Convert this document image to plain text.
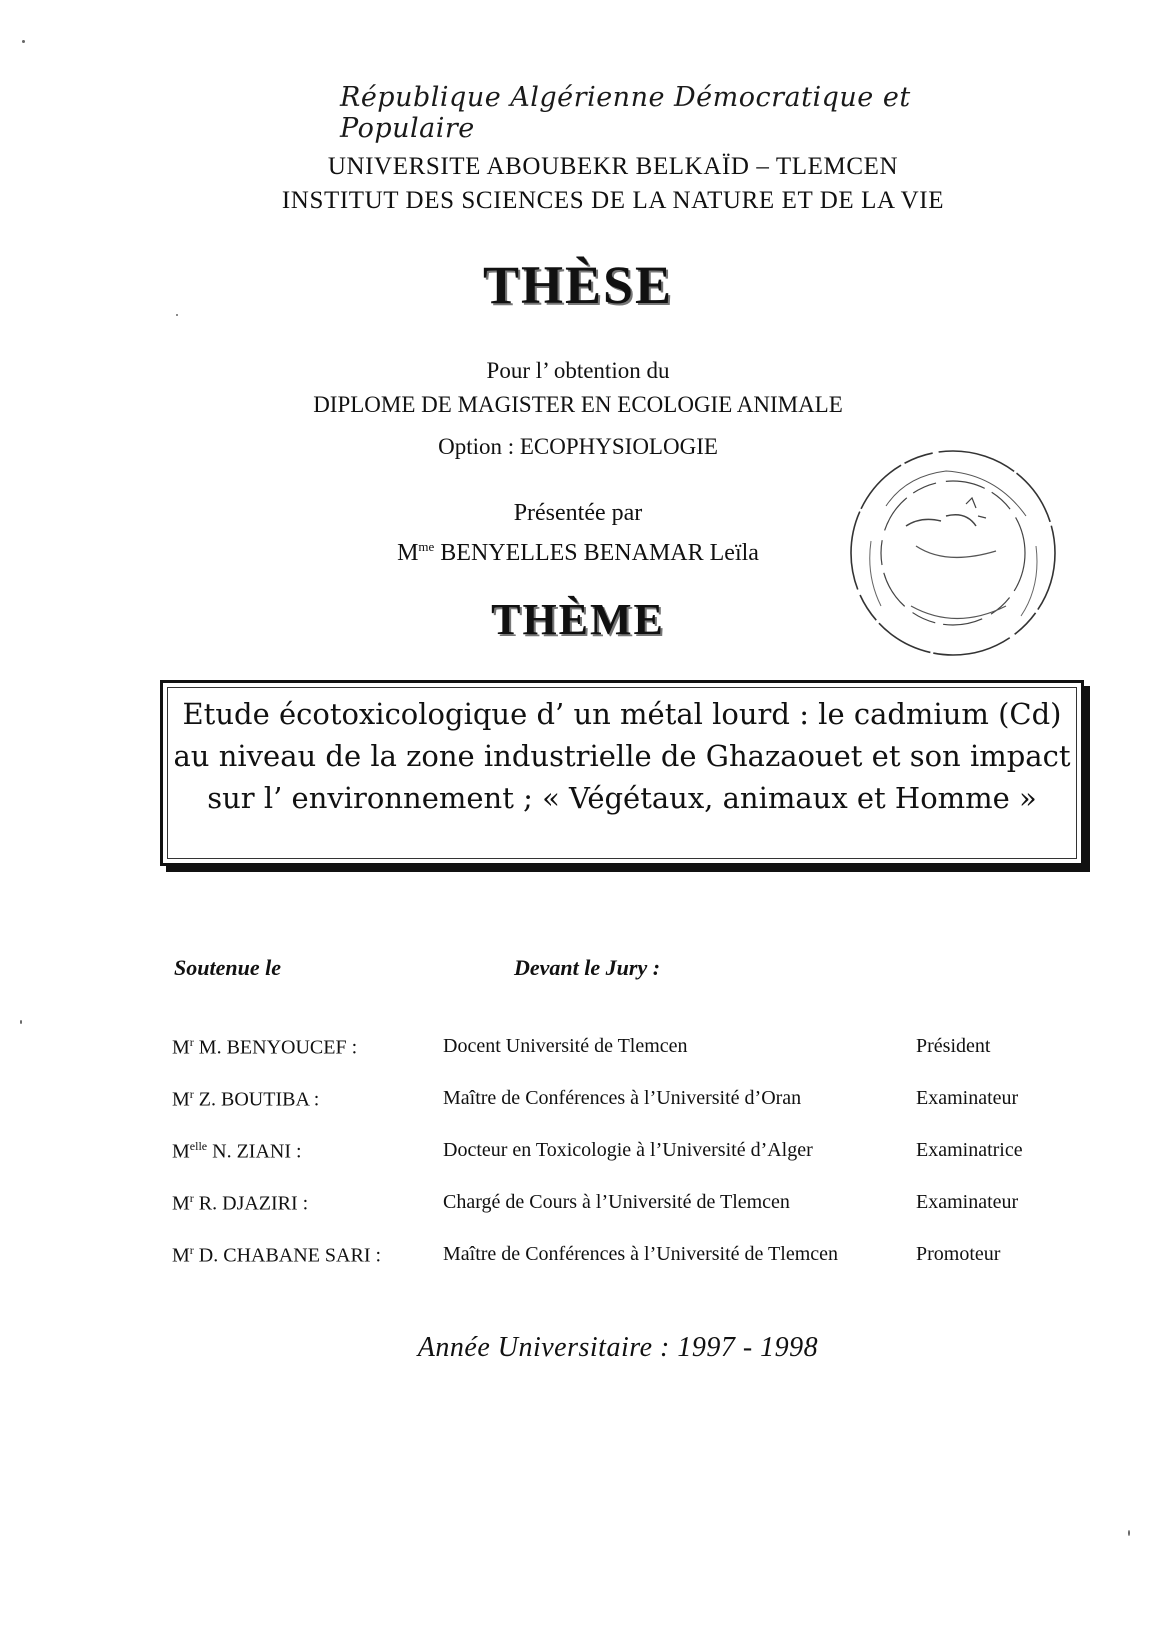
République Algérienne Démocratique et Populaire
UNIVERSITE ABOUBEKR BELKAÏD – TLEMCEN
INSTITUT DES SCIENCES DE LA NATURE ET DE LA VIE
THÈSE
Pour l’ obtention du
DIPLOME DE MAGISTER EN ECOLOGIE ANIMALE
Option : ECOPHYSIOLOGIE
Présentée par
$M^{me}$ BENYELLES BENAMAR Leïla
THÈME
Etude écotoxicologique d’ un métal lourd : le cadmium (Cd) au niveau de la zone industrielle de Ghazaouet et son impact sur l’ environnement ; « Végétaux, animaux et Homme »
Soutenue le	Devant le Jury :
$M^r$ M. BENYOUCEF :	Docent Université de Tlemcen	Président
$M^r$ Z. BOUTIBA :	Maître de Conférences à l’Université d’Oran	Examinateur
$M^{elle}$ N. ZIANI :	Docteur en Toxicologie à l’Université d’Alger	Examinatrice
$M^r$ R. DJAZIRI :	Chargé de Cours à l’Université de Tlemcen	Examinateur
$M^r$ D. CHABANE SARI :	Maître de Conférences à l’Université de Tlemcen	Promoteur
Année Universitaire : 1997 - 1998
